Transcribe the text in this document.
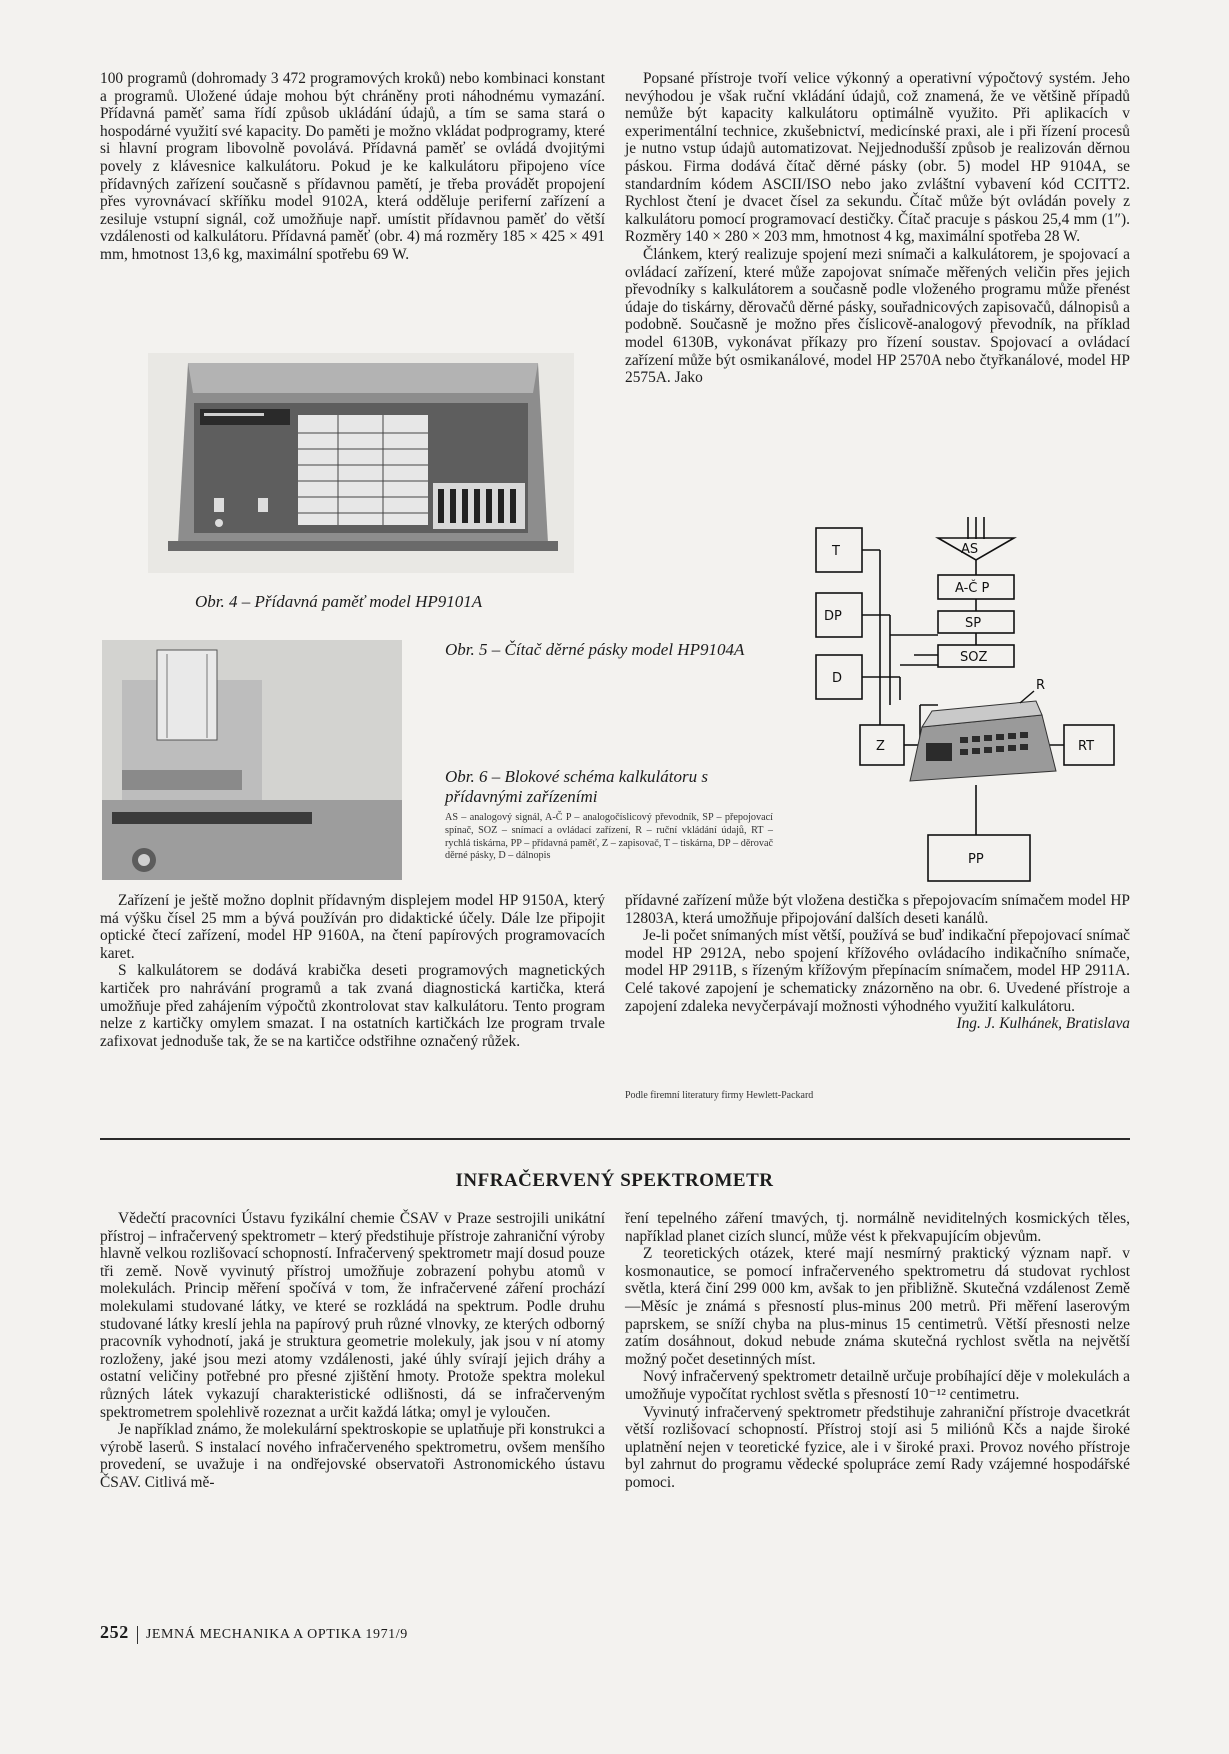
100 programů (dohromady 3 472 programových kroků) nebo kombinaci konstant a programů. Uložené údaje mohou být chráněny proti náhodnému vymazání. Přídavná paměť sama řídí způsob ukládání údajů, a tím se sama stará o hospodárné využití své kapacity. Do paměti je možno vkládat podprogramy, které si hlavní program libovolně povolává. Přídavná paměť se ovládá dvojitými povely z klávesnice kalkulátoru. Pokud je ke kalkulátoru připojeno více přídavných zařízení současně s přídavnou pamětí, je třeba provádět propojení přes vyrovnávací skříňku model 9102A, která odděluje periferní zařízení a zesiluje vstupní signál, což umožňuje např. umístit přídavnou paměť do větší vzdálenosti od kalkulátoru. Přídavná paměť (obr. 4) má rozměry 185 × 425 × 491 mm, hmotnost 13,6 kg, maximální spotřebu 69 W.

Popsané přístroje tvoří velice výkonný a operativní výpočtový systém. Jeho nevýhodou je však ruční vkládání údajů, což znamená, že ve většině případů nemůže být kapacity kalkulátoru optimálně využito. Při aplikacích v experimentální technice, zkušebnictví, medicínské praxi, ale i při řízení procesů je nutno vstup údajů automatizovat. Nejjednodušší způsob je realizován děrnou páskou. Firma dodává čítač děrné pásky (obr. 5) model HP 9104A, se standardním kódem ASCII/ISO nebo jako zvláštní vybavení kód CCITT2. Rychlost čtení je dvacet čísel za sekundu. Čítač může být ovládán povely z kalkulátoru pomocí programovací destičky. Čítač pracuje s páskou 25,4 mm (1″). Rozměry 140 × 280 × 203 mm, hmotnost 4 kg, maximální spotřeba 28 W.

Článkem, který realizuje spojení mezi snímači a kalkulátorem, je spojovací a ovládací zařízení, které může zapojovat snímače měřených veličin přes jejich převodníky s kalkulátorem a současně podle vloženého programu může přenést údaje do tiskárny, děrovačů děrné pásky, souřadnicových zapisovačů, dálnopisů a podobně. Současně je možno přes číslicově-analogový převodník, na příklad model 6130B, vykonávat příkazy pro řízení soustav. Spojovací a ovládací zařízení může být osmikanálové, model HP 2570A nebo čtyřkanálové, model HP 2575A. Jako

Obr. 4 – Přídavná paměť model HP9101A
Obr. 5 – Čítač děrné pásky model HP9104A
Obr. 6 – Blokové schéma kalkulátoru s přídavnými zařízeními
AS – analogový signál, A-Č P – analogočíslicový převodník, SP – přepojovací spínač, SOZ – snímací a ovládací zařízení, R – ruční vkládání údajů, RT – rychlá tiskárna, PP – přídavná paměť, Z – zapisovač, T – tiskárna, DP – děrovač děrné pásky, D – dálnopis
T
DP
D
AS
A-Č P
SP
SOZ
Z	RT
PP
R

Zařízení je ještě možno doplnit přídavným displejem model HP 9150A, který má výšku čísel 25 mm a bývá používán pro didaktické účely. Dále lze připojit optické čtecí zařízení, model HP 9160A, na čtení papírových programovacích karet.

S kalkulátorem se dodává krabička deseti programových magnetických kartiček pro nahrávání programů a tak zvaná diagnostická kartička, která umožňuje před zahájením výpočtů zkontrolovat stav kalkulátoru. Tento program nelze z kartičky omylem smazat. I na ostatních kartičkách lze program trvale zafixovat jednoduše tak, že se na kartičce odstřihne označený růžek.

přídavné zařízení může být vložena destička s přepojovacím snímačem model HP 12803A, která umožňuje připojování dalších deseti kanálů.

Je-li počet snímaných míst větší, používá se buď indikační přepojovací snímač model HP 2912A, nebo spojení křížového ovládacího indikačního snímače, model HP 2911B, s řízeným křížovým přepínacím snímačem, model HP 2911A. Celé takové zapojení je schematicky znázorněno na obr. 6. Uvedené přístroje a zapojení zdaleka nevyčerpávají možnosti výhodného využití kalkulátoru.

Ing. J. Kulhánek, Bratislava
Podle firemní literatury firmy Hewlett-Packard
INFRAČERVENÝ SPEKTROMETR

Vědečtí pracovníci Ústavu fyzikální chemie ČSAV v Praze sestrojili unikátní přístroj – infračervený spektrometr – který předstihuje přístroje zahraniční výroby hlavně velkou rozlišovací schopností. Infračervený spektrometr mají dosud pouze tři země. Nově vyvinutý přístroj umožňuje zobrazení pohybu atomů v molekulách. Princip měření spočívá v tom, že infračervené záření prochází molekulami studované látky, ve které se rozkládá na spektrum. Podle druhu studované látky kreslí jehla na papírový pruh různé vlnovky, ze kterých odborný pracovník vyhodnotí, jaká je struktura geometrie molekuly, jak jsou v ní atomy rozloženy, jaké jsou mezi atomy vzdálenosti, jaké úhly svírají jejich dráhy a ostatní veličiny potřebné pro přesné zjištění hmoty. Protože spektra molekul různých látek vykazují charakteristické odlišnosti, dá se infračerveným spektrometrem spolehlivě rozeznat a určit každá látka; omyl je vyloučen.

Je například známo, že molekulární spektroskopie se uplatňuje při konstrukci a výrobě laserů. S instalací nového infračerveného spektrometru, ovšem menšího provedení, se uvažuje i na ondřejovské observatoři Astronomického ústavu ČSAV. Citlivá mě-

ření tepelného záření tmavých, tj. normálně neviditelných kosmických těles, například planet cizích sluncí, může vést k překvapujícím objevům.

Z teoretických otázek, které mají nesmírný praktický význam např. v kosmonautice, se pomocí infračerveného spektrometru dá studovat rychlost světla, která činí 299 000 km, avšak to jen přibližně. Skutečná vzdálenost Země—Měsíc je známá s přesností plus-minus 200 metrů. Při měření laserovým paprskem, se sníží chyba na plus-minus 15 centimetrů. Větší přesnosti nelze zatím dosáhnout, dokud nebude známa skutečná rychlost světla na největší možný počet desetinných míst.

Nový infračervený spektrometr detailně určuje probíhající děje v molekulách a umožňuje vypočítat rychlost světla s přesností 10⁻¹² centimetru.

Vyvinutý infračervený spektrometr předstihuje zahraniční přístroje dvacetkrát větší rozlišovací schopností. Přístroj stojí asi 5 miliónů Kčs a najde široké uplatnění nejen v teoretické fyzice, ale i v široké praxi. Provoz nového přístroje byl zahrnut do programu vědecké spolupráce zemí Rady vzájemné hospodářské pomoci.

252 JEMNÁ MECHANIKA A OPTIKA 1971/9
